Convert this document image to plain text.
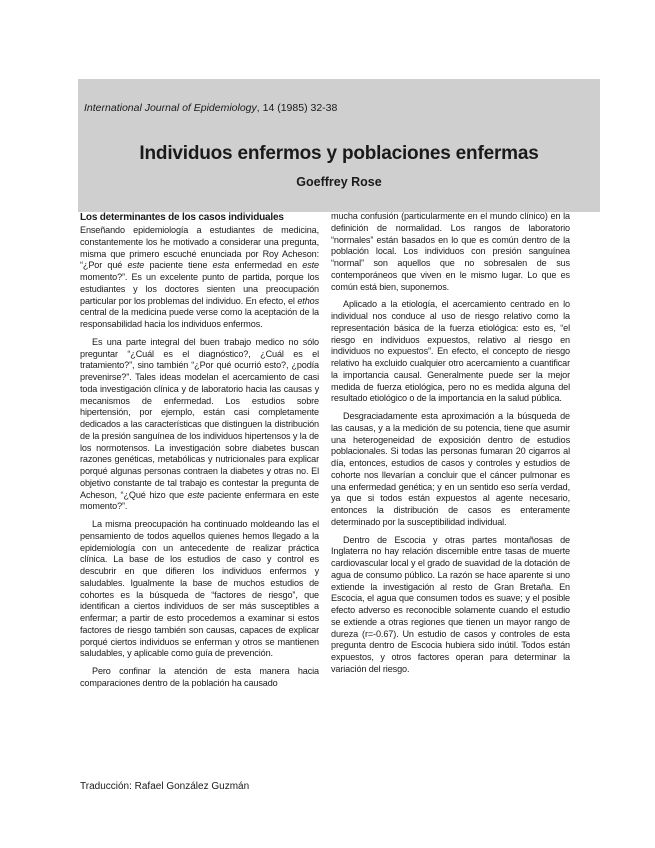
International Journal of Epidemiology, 14 (1985) 32-38
Individuos enfermos y poblaciones enfermas
Goeffrey Rose
Los determinantes de los casos individuales

Enseñando epidemiología a estudiantes de medicina, constantemente los he motivado a considerar una pregunta, misma que primero escuché enunciada por Roy Acheson: “¿Por qué este paciente tiene esta enfermedad en este momento?”. Es un excelente punto de partida, porque los estudiantes y los doctores sienten una preocupación particular por los problemas del individuo. En efecto, el ethos central de la medicina puede verse como la aceptación de la responsabilidad hacia los individuos enfermos.

Es una parte integral del buen trabajo medico no sólo preguntar “¿Cuál es el diagnóstico?, ¿Cuál es el tratamiento?”, sino también “¿Por qué ocurrió esto?, ¿podía prevenirse?”. Tales ideas modelan el acercamiento de casi toda investigación clínica y de laboratorio hacia las causas y mecanismos de enfermedad. Los estudios sobre hipertensión, por ejemplo, están casi completamente dedicados a las características que distinguen la distribución de la presión sanguínea de los individuos hipertensos y la de los normotensos. La investigación sobre diabetes buscan razones genéticas, metabólicas y nutricionales para explicar porqué algunas personas contraen la diabetes y otras no. El objetivo constante de tal trabajo es contestar la pregunta de Acheson, “¿Qué hizo que este paciente enfermara en este momento?”.

La misma preocupación ha continuado moldeando las el pensamiento de todos aquellos quienes hemos llegado a la epidemiología con un antecedente de realizar práctica clínica. La base de los estudios de caso y control es descubrir en que difieren los individuos enfermos y saludables. Igualmente la base de muchos estudios de cohortes es la búsqueda de “factores de riesgo”, que identifican a ciertos individuos de ser más susceptibles a enfermar; a partir de esto procedemos a examinar si estos factores de riesgo también son causas, capaces de explicar porqué ciertos individuos se enferman y otros se mantienen saludables, y aplicable como guía de prevención.

Pero confinar la atención de esta manera hacia comparaciones dentro de la población ha causado

mucha confusión (particularmente en el mundo clínico) en la definición de normalidad. Los rangos de laboratorio “normales” están basados en lo que es común dentro de la población local. Los individuos con presión sanguínea “normal” son aquellos que no sobresalen de sus contemporáneos que viven en le mismo lugar. Lo que es común está bien, suponemos.

Aplicado a la etiología, el acercamiento centrado en lo individual nos conduce al uso de riesgo relativo como la representación básica de la fuerza etiológica: esto es, “el riesgo en individuos expuestos, relativo al riesgo en individuos no expuestos”. En efecto, el concepto de riesgo relativo ha excluido cualquier otro acercamiento a cuantificar la importancia causal. Generalmente puede ser la mejor medida de fuerza etiológica, pero no es medida alguna del resultado etiológico o de la importancia en la salud pública.

Desgraciadamente esta aproximación a la búsqueda de las causas, y a la medición de su potencia, tiene que asumir una heterogeneidad de exposición dentro de estudios poblacionales. Si todas las personas fumaran 20 cigarros al día, entonces, estudios de casos y controles y estudios de cohorte nos llevarían a concluir que el cáncer pulmonar es una enfermedad genética; y en un sentido eso sería verdad, ya que si todos están expuestos al agente necesario, entonces la distribución de casos es enteramente determinado por la susceptibilidad individual.

Dentro de Escocia y otras partes montañosas de Inglaterra no hay relación discernible entre tasas de muerte cardiovascular local y el grado de suavidad de la dotación de agua de consumo público. La razón se hace aparente si uno extiende la investigación al resto de Gran Bretaña. En Escocia, el agua que consumen todos es suave; y el posible efecto adverso es reconocible solamente cuando el estudio se extiende a otras regiones que tienen un mayor rango de dureza (r=-0.67). Un estudio de casos y controles de esta pregunta dentro de Escocia hubiera sido inútil. Todos están expuestos, y otros factores operan para determinar la variación del riesgo.

Traducción: Rafael González Guzmán
